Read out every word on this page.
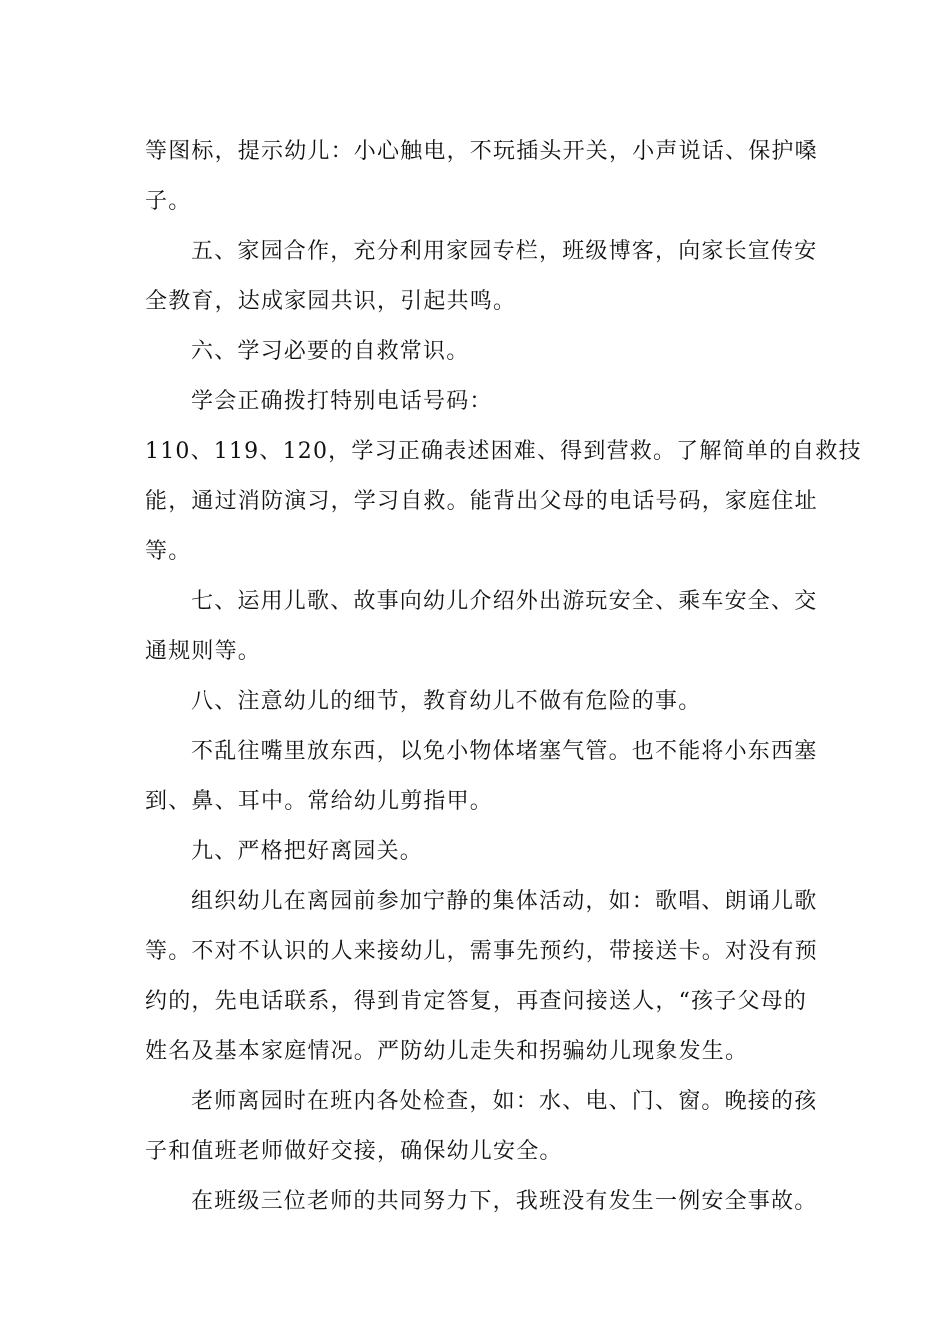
等图标，提示幼儿：小心触电，不玩插头开关，小声说话、保护嗓
子。
五、家园合作，充分利用家园专栏，班级博客，向家长宣传安
全教育，达成家园共识，引起共鸣。
六、学习必要的自救常识。
学会正确拨打特别电话号码：
110、119、120，学习正确表述困难、得到营救。了解简单的自救技
能，通过消防演习，学习自救。能背出父母的电话号码，家庭住址
等。
七、运用儿歌、故事向幼儿介绍外出游玩安全、乘车安全、交
通规则等。
八、注意幼儿的细节，教育幼儿不做有危险的事。
不乱往嘴里放东西，以免小物体堵塞气管。也不能将小东西塞
到、鼻、耳中。常给幼儿剪指甲。
九、严格把好离园关。
组织幼儿在离园前参加宁静的集体活动，如：歌唱、朗诵儿歌
等。不对不认识的人来接幼儿，需事先预约，带接送卡。对没有预
约的，先电话联系，得到肯定答复，再查问接送人，“孩子父母的
姓名及基本家庭情况。严防幼儿走失和拐骗幼儿现象发生。
老师离园时在班内各处检查，如：水、电、门、窗。晚接的孩
子和值班老师做好交接，确保幼儿安全。
在班级三位老师的共同努力下，我班没有发生一例安全事故。
